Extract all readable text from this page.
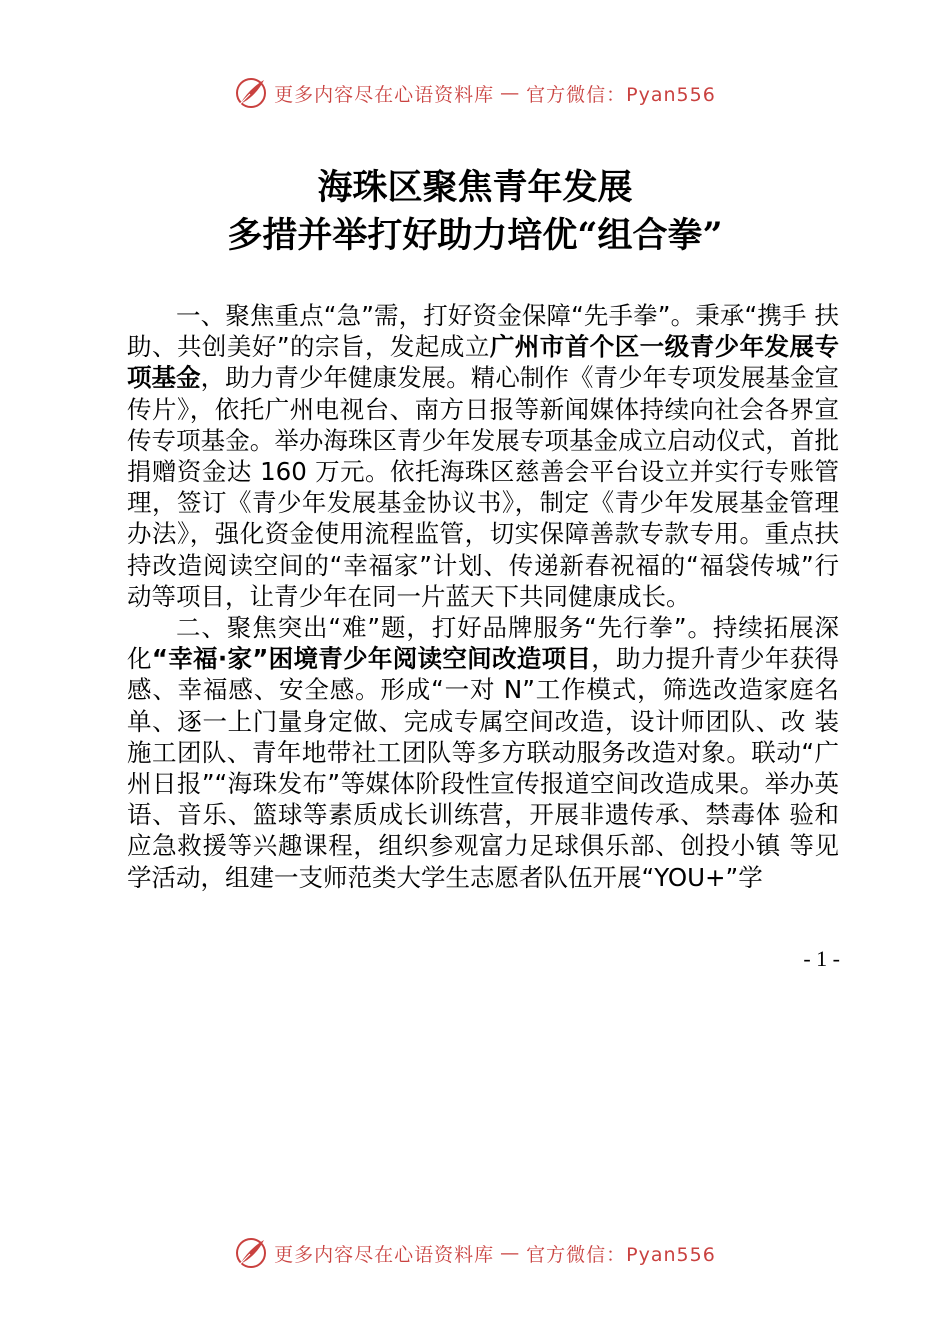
更多内容尽在心语资料库 — 官方微信：Pyan556
海珠区聚焦青年发展
多措并举打好助力培优“组合拳”

一、聚焦重点“急”需，打好资金保障“先手拳”。秉承“携手 扶助、共创美好”的宗旨，发起成立广州市首个区一级青少年发展专项基金，助力青少年健康发展。精心制作《青少年专项发展基金宣传片》，依托广州电视台、南方日报等新闻媒体持续向社会各界宣传专项基金。举办海珠区青少年发展专项基金成立启动仪式，首批捐赠资金达 160 万元。依托海珠区慈善会平台设立并实行专账管理，签订《青少年发展基金协议书》，制定《青少年发展基金管理办法》，强化资金使用流程监管，切实保障善款专款专用。重点扶持改造阅读空间的“幸福家”计划、传递新春祝福的“福袋传城”行动等项目，让青少年在同一片蓝天下共同健康成长。

二、聚焦突出“难”题，打好品牌服务“先行拳”。持续拓展深化“幸福·家”困境青少年阅读空间改造项目，助力提升青少年获得感、幸福感、安全感。形成“一对 N”工作模式，筛选改造家庭名单、逐一上门量身定做、完成专属空间改造，设计师团队、改 装施工团队、青年地带社工团队等多方联动服务改造对象。联动“广州日报”“海珠发布”等媒体阶段性宣传报道空间改造成果。举办英语、音乐、篮球等素质成长训练营，开展非遗传承、禁毒体 验和应急救援等兴趣课程，组织参观富力足球俱乐部、创投小镇 等见学活动，组建一支师范类大学生志愿者队伍开展“YOU+”学

- 1 -
更多内容尽在心语资料库 — 官方微信：Pyan556
